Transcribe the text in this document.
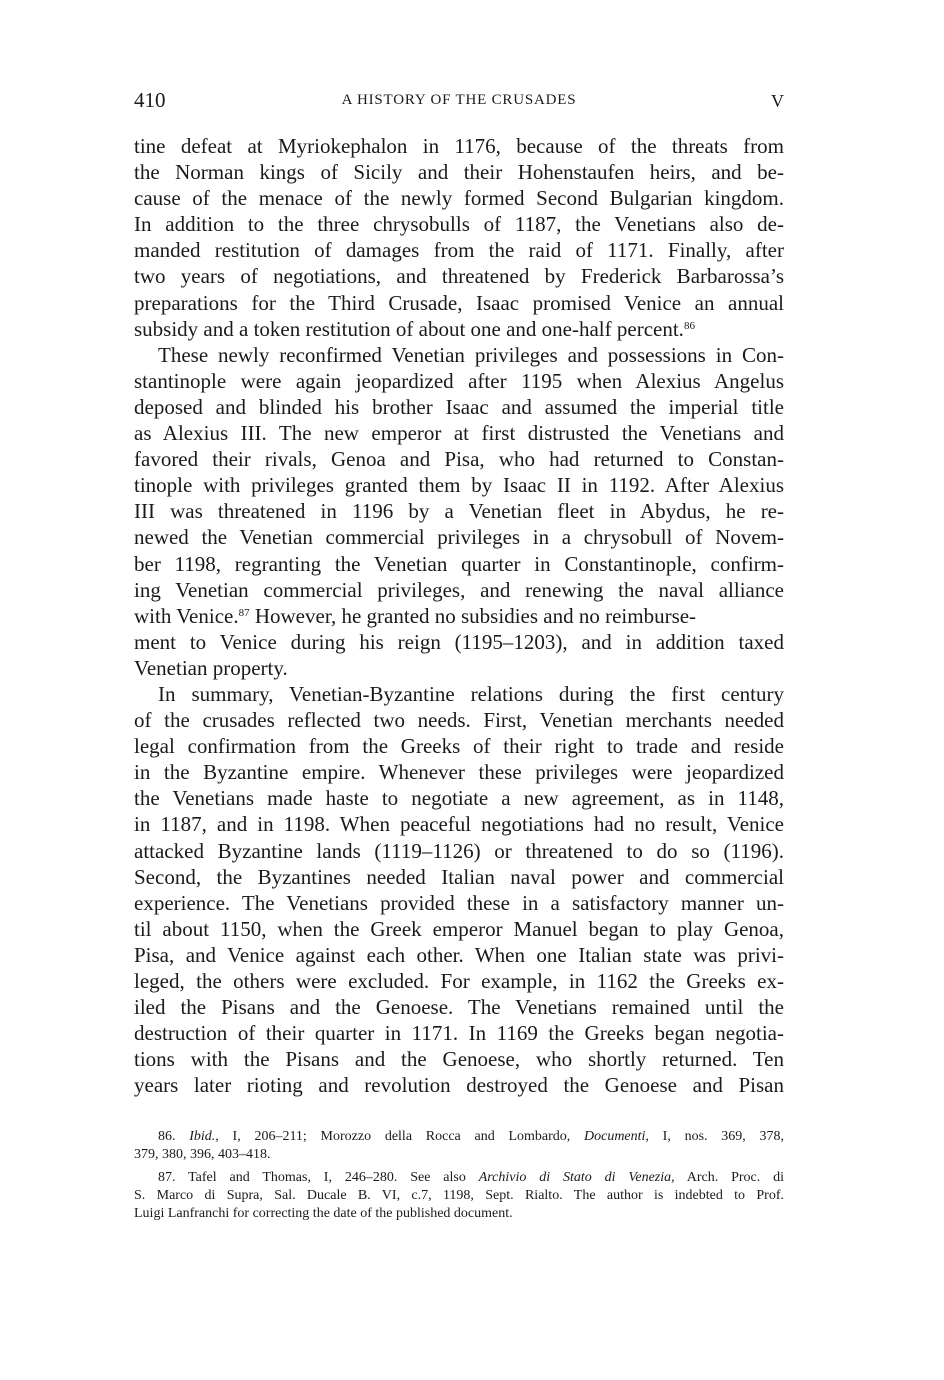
410	A HISTORY OF THE CRUSADES	V
tine defeat at Myriokephalon in 1176, because of the threats from
the Norman kings of Sicily and their Hohenstaufen heirs, and be-
cause of the menace of the newly formed Second Bulgarian kingdom.
In addition to the three chrysobulls of 1187, the Venetians also de-
manded restitution of damages from the raid of 1171. Finally, after
two years of negotiations, and threatened by Frederick Barbarossa’s
preparations for the Third Crusade, Isaac promised Venice an annual
subsidy and a token restitution of about one and one-half percent.$^{86}$
These newly reconfirmed Venetian privileges and possessions in Con-
stantinople were again jeopardized after 1195 when Alexius Angelus
deposed and blinded his brother Isaac and assumed the imperial title
as Alexius III. The new emperor at first distrusted the Venetians and
favored their rivals, Genoa and Pisa, who had returned to Constan-
tinople with privileges granted them by Isaac II in 1192. After Alexius
III was threatened in 1196 by a Venetian fleet in Abydus, he re-
newed the Venetian commercial privileges in a chrysobull of Novem-
ber 1198, regranting the Venetian quarter in Constantinople, confirm-
ing Venetian commercial privileges, and renewing the naval alliance
with Venice.$^{87}$ However, he granted no subsidies and no reimburse-
ment to Venice during his reign (1195–1203), and in addition taxed
Venetian property.
In summary, Venetian-Byzantine relations during the first century
of the crusades reflected two needs. First, Venetian merchants needed
legal confirmation from the Greeks of their right to trade and reside
in the Byzantine empire. Whenever these privileges were jeopardized
the Venetians made haste to negotiate a new agreement, as in 1148,
in 1187, and in 1198. When peaceful negotiations had no result, Venice
attacked Byzantine lands (1119–1126) or threatened to do so (1196).
Second, the Byzantines needed Italian naval power and commercial
experience. The Venetians provided these in a satisfactory manner un-
til about 1150, when the Greek emperor Manuel began to play Genoa,
Pisa, and Venice against each other. When one Italian state was privi-
leged, the others were excluded. For example, in 1162 the Greeks ex-
iled the Pisans and the Genoese. The Venetians remained until the
destruction of their quarter in 1171. In 1169 the Greeks began negotia-
tions with the Pisans and the Genoese, who shortly returned. Ten
years later rioting and revolution destroyed the Genoese and Pisan
86. Ibid., I, 206–211; Morozzo della Rocca and Lombardo, Documenti, I, nos. 369, 378,
379, 380, 396, 403–418.
87. Tafel and Thomas, I, 246–280. See also Archivio di Stato di Venezia, Arch. Proc. di
S. Marco di Supra, Sal. Ducale B. VI, c.7, 1198, Sept. Rialto. The author is indebted to Prof.
Luigi Lanfranchi for correcting the date of the published document.
